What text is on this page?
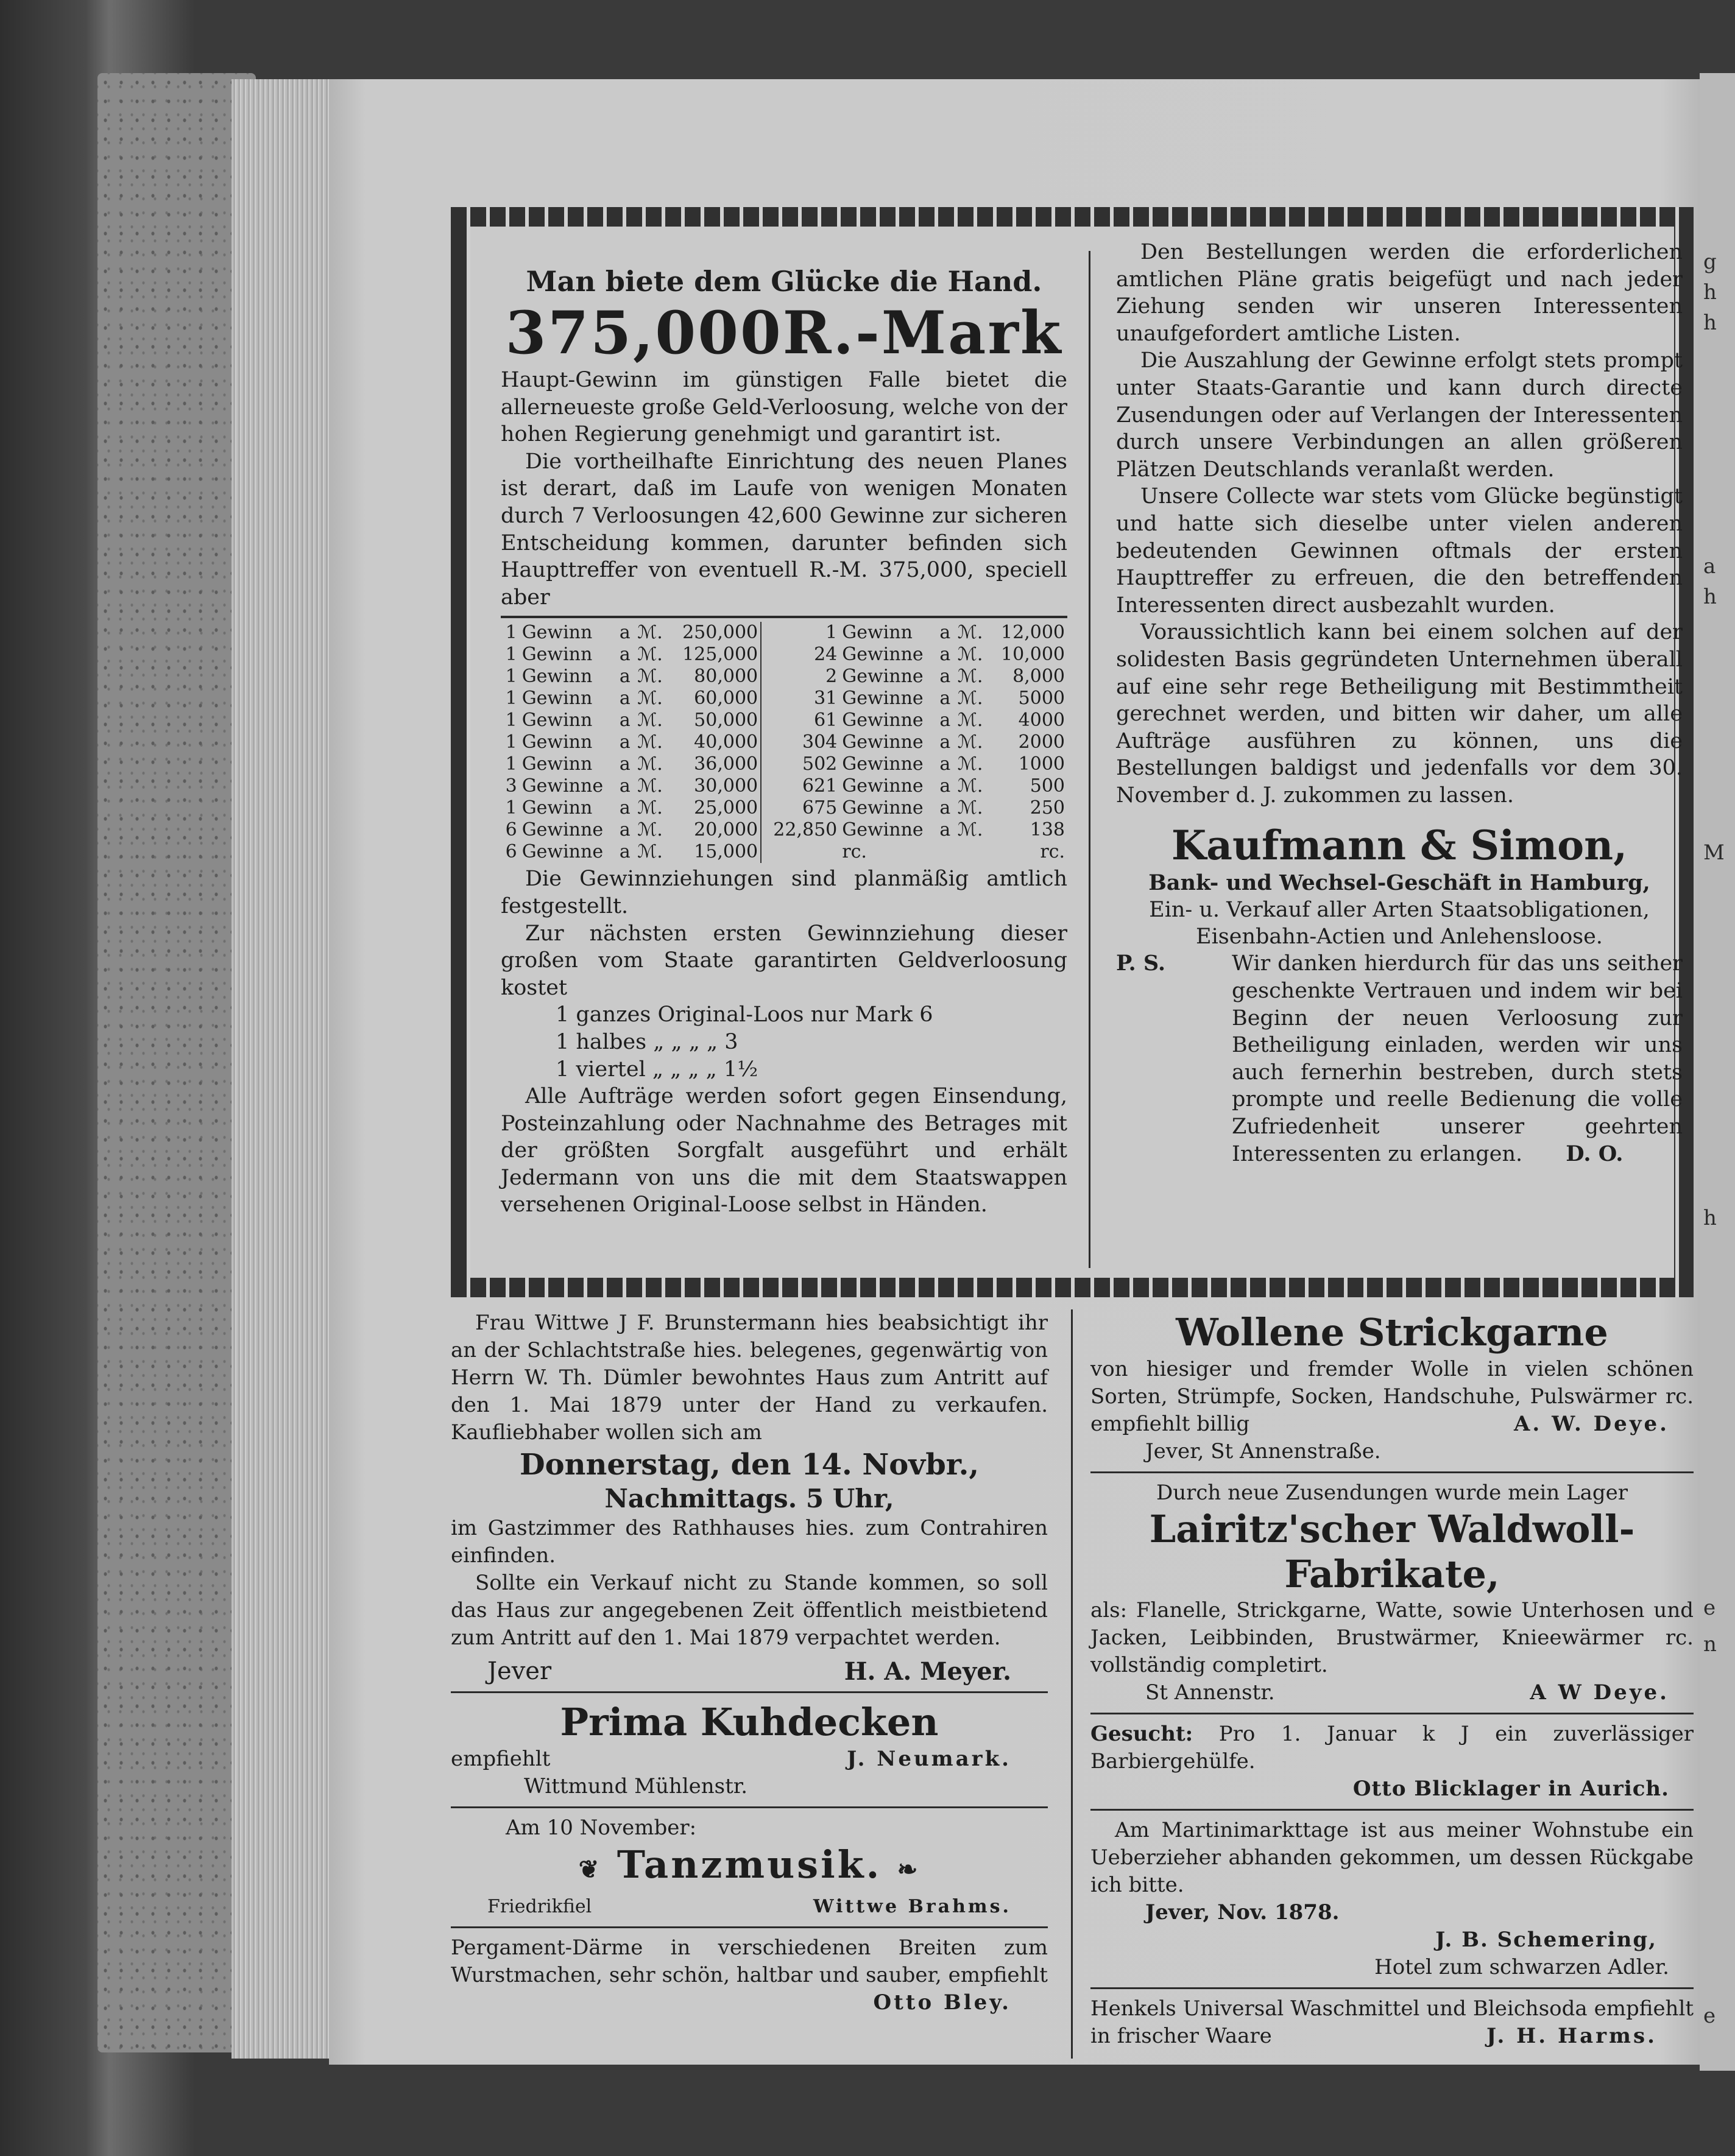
g
h
h
a
h
M
h
e
n
e
Man biete dem Glücke die Hand.
375,000R.-Mark

Haupt-Gewinn im günstigen Falle bietet die allerneueste große Geld-Verloosung, welche von der hohen Regierung genehmigt und garantirt ist.

Die vortheilhafte Einrichtung des neuen Planes ist derart, daß im Laufe von wenigen Monaten durch 7 Verloosungen 42,600 Gewinne zur sicheren Entscheidung kommen, darunter befinden sich Haupttreffer von eventuell R.-M. 375,000, speciell aber

1	Gewinn	a	ℳ.	250,000	1	Gewinn	a	ℳ.	12,000
1	Gewinn	a	ℳ.	125,000	24	Gewinne	a	ℳ.	10,000
1	Gewinn	a	ℳ.	80,000	2	Gewinne	a	ℳ.	8,000
1	Gewinn	a	ℳ.	60,000	31	Gewinne	a	ℳ.	5000
1	Gewinn	a	ℳ.	50,000	61	Gewinne	a	ℳ.	4000
1	Gewinn	a	ℳ.	40,000	304	Gewinne	a	ℳ.	2000
1	Gewinn	a	ℳ.	36,000	502	Gewinne	a	ℳ.	1000
3	Gewinne	a	ℳ.	30,000	621	Gewinne	a	ℳ.	500
1	Gewinn	a	ℳ.	25,000	675	Gewinne	a	ℳ.	250
6	Gewinne	a	ℳ.	20,000	22,850	Gewinne	a	ℳ.	138
6	Gewinne	a	ℳ.	15,000		rc.			rc.

Die Gewinnziehungen sind planmäßig amtlich festgestellt.

Zur nächsten ersten Gewinnziehung dieser großen vom Staate garantirten Geldverloosung kostet

1 ganzes Original-Loos nur Mark 6
1 halbes „ „ „ „ 3
1 viertel „ „ „ „ 1½

Alle Aufträge werden sofort gegen Einsendung, Posteinzahlung oder Nachnahme des Betrages mit der größten Sorgfalt ausgeführt und erhält Jedermann von uns die mit dem Staatswappen versehenen Original-Loose selbst in Händen.

Den Bestellungen werden die erforderlichen amtlichen Pläne gratis beigefügt und nach jeder Ziehung senden wir unseren Interessenten unaufgefordert amtliche Listen.

Die Auszahlung der Gewinne erfolgt stets prompt unter Staats-Garantie und kann durch directe Zusendungen oder auf Verlangen der Interessenten durch unsere Verbindungen an allen größeren Plätzen Deutschlands veranlaßt werden.

Unsere Collecte war stets vom Glücke begünstigt und hatte sich dieselbe unter vielen anderen bedeutenden Gewinnen oftmals der ersten Haupttreffer zu erfreuen, die den betreffenden Interessenten direct ausbezahlt wurden.

Voraussichtlich kann bei einem solchen auf der solidesten Basis gegründeten Unternehmen überall auf eine sehr rege Betheiligung mit Bestimmtheit gerechnet werden, und bitten wir daher, um alle Aufträge ausführen zu können, uns die Bestellungen baldigst und jedenfalls vor dem 30. November d. J. zukommen zu lassen.

Kaufmann & Simon,
Bank- und Wechsel-Geschäft in Hamburg,
Ein- u. Verkauf aller Arten Staatsobligationen, Eisenbahn-Actien und Anlehensloose.
P. S.	Wir danken hierdurch für das uns seither geschenkte Vertrauen und indem wir bei Beginn der neuen Verloosung zur Betheiligung einladen, werden wir uns auch fernerhin bestreben, durch stets prompte und reelle Bedienung die volle Zufriedenheit unserer geehrten Interessenten zu erlangen. D. O.

Frau Wittwe J F. Brunstermann hies beabsichtigt ihr an der Schlachtstraße hies. belegenes, gegenwärtig von Herrn W. Th. Dümler bewohntes Haus zum Antritt auf den 1. Mai 1879 unter der Hand zu verkaufen. Kaufliebhaber wollen sich am

Donnerstag, den 14. Novbr.,
Nachmittags. 5 Uhr,

im Gastzimmer des Rathhauses hies. zum Contrahiren einfinden.

Sollte ein Verkauf nicht zu Stande kommen, so soll das Haus zur angegebenen Zeit öffentlich meistbietend zum Antritt auf den 1. Mai 1879 verpachtet werden.

Jever	H. A. Meyer.
Prima Kuhdecken
empfiehlt	J. Neumark.
Wittmund Mühlenstr.
Am 10 November:
❦ Tanzmusik. ❧
Friedrikfiel	Wittwe Brahms.

Pergament-Därme in verschiedenen Breiten zum Wurstmachen, sehr schön, haltbar und sauber, empfiehlt

Otto Bley.
Wollene Strickgarne

von hiesiger und fremder Wolle in vielen schönen Sorten, Strümpfe, Socken, Handschuhe, Pulswärmer rc. empfiehlt billig	A. W. Deye.
Jever, St Annenstraße.
Durch neue Zusendungen wurde mein Lager
Lairitz'scher Waldwoll-
Fabrikate,

als: Flanelle, Strickgarne, Watte, sowie Unterhosen und Jacken, Leibbinden, Brustwärmer, Knieewärmer rc. vollständig completirt.

St Annenstr.	A W Deye.

Gesucht: Pro 1. Januar k J ein zuverlässiger Barbiergehülfe.

Otto Blicklager in Aurich.

Am Martinimarkttage ist aus meiner Wohnstube ein Ueberzieher abhanden gekommen, um dessen Rückgabe ich bitte.

Jever, Nov. 1878.
J. B. Schemering,
Hotel zum schwarzen Adler.

Henkels Universal Waschmittel und Bleichsoda empfiehlt in frischer Waare	J. H. Harms.
